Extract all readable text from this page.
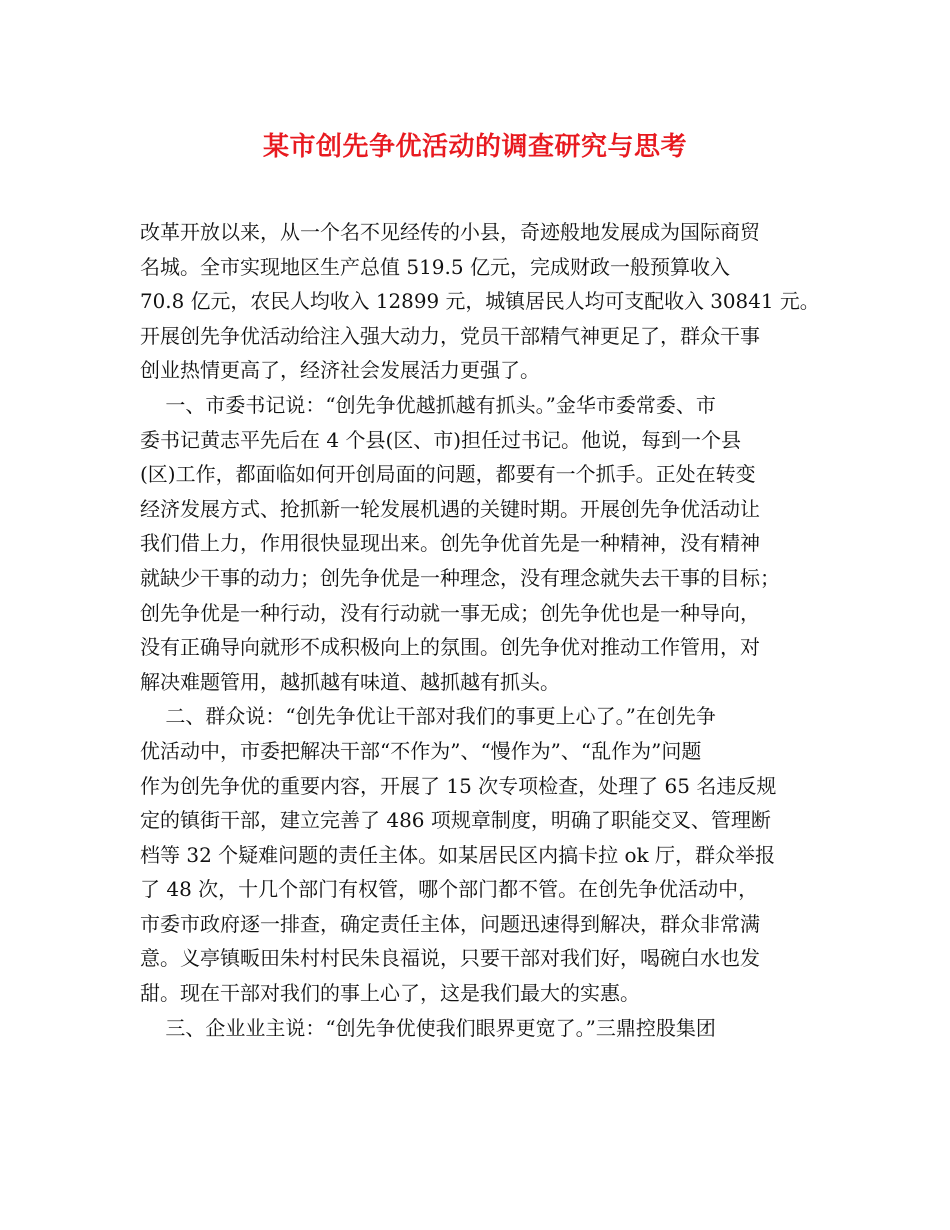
某市创先争优活动的调查研究与思考
改革开放以来，从一个名不见经传的小县，奇迹般地发展成为国际商贸
名城。全市实现地区生产总值 519.5 亿元，完成财政一般预算收入
70.8 亿元，农民人均收入 12899 元，城镇居民人均可支配收入 30841 元。
开展创先争优活动给注入强大动力，党员干部精气神更足了，群众干事
创业热情更高了，经济社会发展活力更强了。
一、市委书记说：“创先争优越抓越有抓头。”金华市委常委、市
委书记黄志平先后在 4 个县(区、市)担任过书记。他说，每到一个县
(区)工作，都面临如何开创局面的问题，都要有一个抓手。正处在转变
经济发展方式、抢抓新一轮发展机遇的关键时期。开展创先争优活动让
我们借上力，作用很快显现出来。创先争优首先是一种精神，没有精神
就缺少干事的动力；创先争优是一种理念，没有理念就失去干事的目标；
创先争优是一种行动，没有行动就一事无成；创先争优也是一种导向，
没有正确导向就形不成积极向上的氛围。创先争优对推动工作管用，对
解决难题管用，越抓越有味道、越抓越有抓头。
二、群众说：“创先争优让干部对我们的事更上心了。”在创先争
优活动中，市委把解决干部“不作为”、“慢作为”、“乱作为”问题
作为创先争优的重要内容，开展了 15 次专项检查，处理了 65 名违反规
定的镇街干部，建立完善了 486 项规章制度，明确了职能交叉、管理断
档等 32 个疑难问题的责任主体。如某居民区内搞卡拉 ok 厅，群众举报
了 48 次，十几个部门有权管，哪个部门都不管。在创先争优活动中，
市委市政府逐一排查，确定责任主体，问题迅速得到解决，群众非常满
意。义亭镇畈田朱村村民朱良福说，只要干部对我们好，喝碗白水也发
甜。现在干部对我们的事上心了，这是我们最大的实惠。
三、企业业主说：“创先争优使我们眼界更宽了。”三鼎控股集团
